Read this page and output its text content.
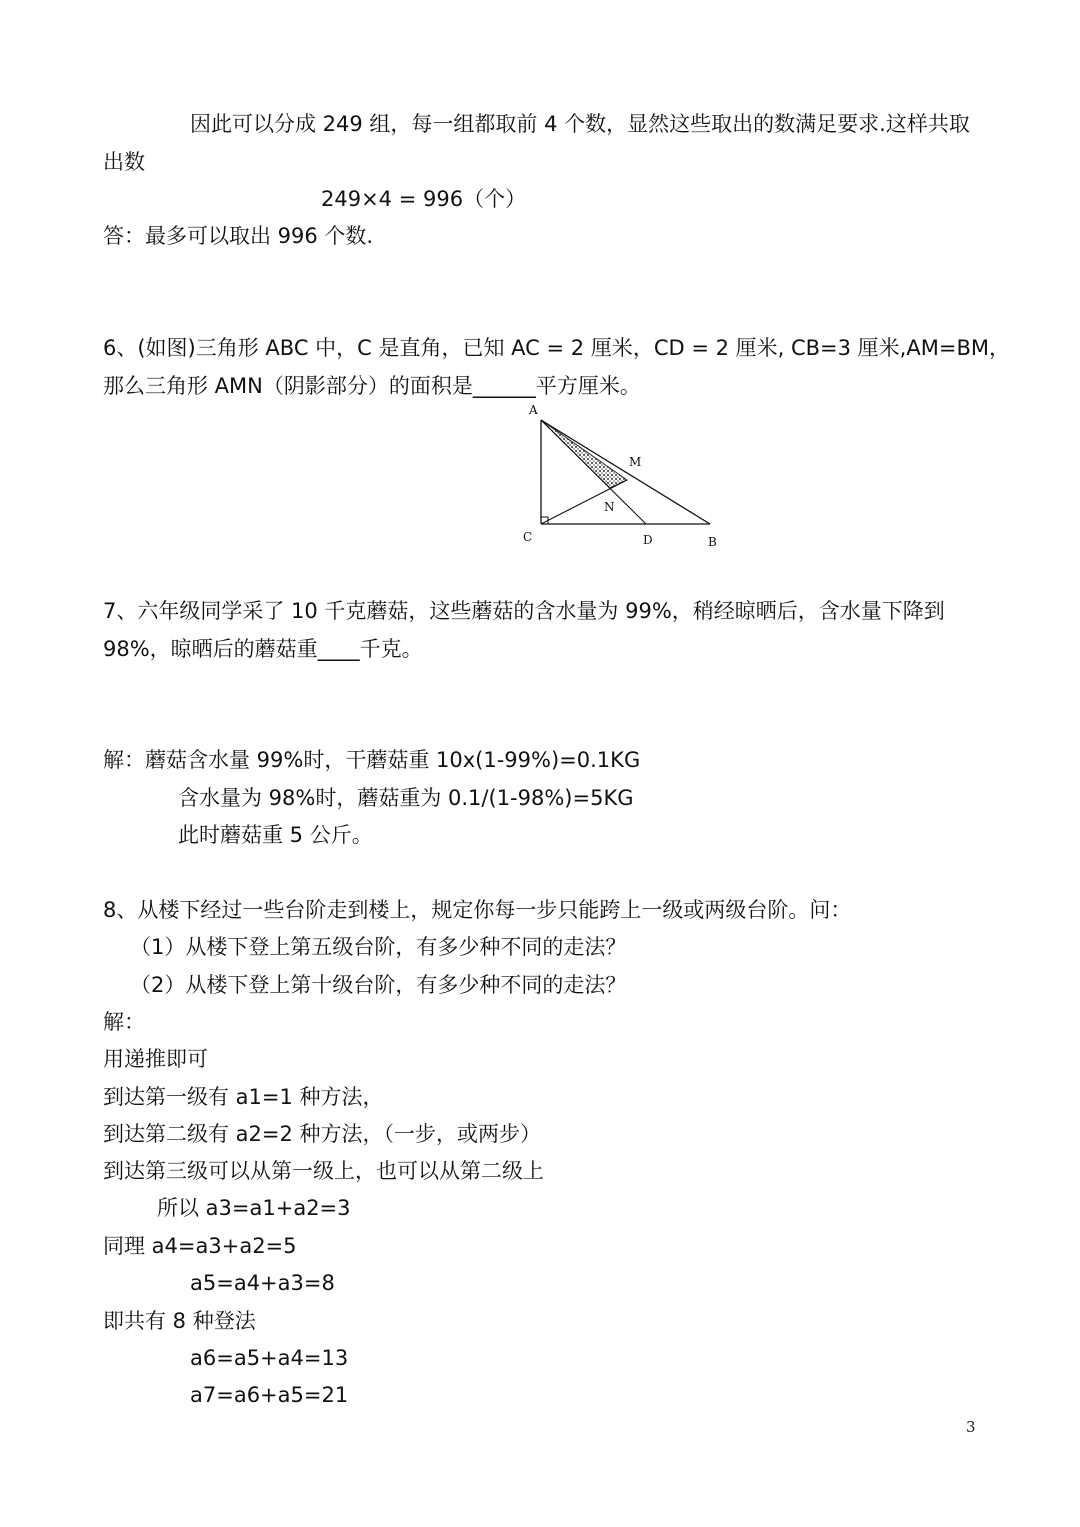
因此可以分成 249 组，每一组都取前 4 个数，显然这些取出的数满足要求.这样共取
出数
249×4 = 996（个）
答：最多可以取出 996 个数.
6、(如图)三角形 ABC 中，C 是直角，已知 AC = 2 厘米，CD = 2 厘米, CB=3 厘米,AM=BM，
那么三角形 AMN（阴影部分）的面积是______平方厘米。
A
M
N
C	D	B
7、六年级同学采了 10 千克蘑菇，这些蘑菇的含水量为 99%，稍经晾晒后，含水量下降到
98%，晾晒后的蘑菇重____千克。
解：蘑菇含水量 99%时，干蘑菇重 10x(1-99%)=0.1KG
含水量为 98%时，蘑菇重为 0.1/(1-98%)=5KG
此时蘑菇重 5 公斤。
8、从楼下经过一些台阶走到楼上，规定你每一步只能跨上一级或两级台阶。问：
（1）从楼下登上第五级台阶，有多少种不同的走法？
（2）从楼下登上第十级台阶，有多少种不同的走法？
解：
用递推即可
到达第一级有 a1=1 种方法，
到达第二级有 a2=2 种方法，（一步，或两步）
到达第三级可以从第一级上，也可以从第二级上
所以 a3=a1+a2=3
同理 a4=a3+a2=5
a5=a4+a3=8
即共有 8 种登法
a6=a5+a4=13
a7=a6+a5=21
3
